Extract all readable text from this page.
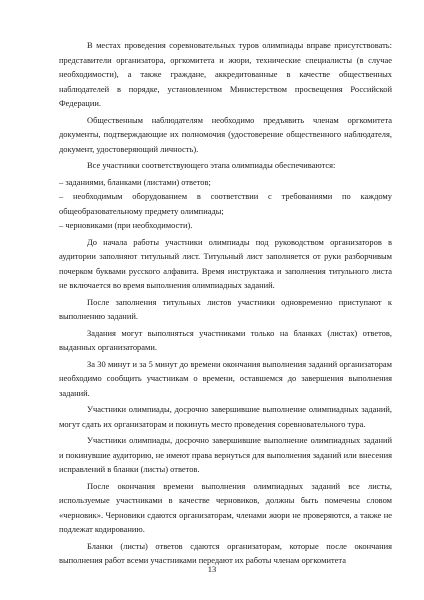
В местах проведения соревновательных туров олимпиады вправе присутствовать: представители организатора, оргкомитета и жюри, технические специалисты (в случае необходимости), а также граждане, аккредитованные в качестве общественных наблюдателей в порядке, установленном Министерством просвещения Российской Федерации.

Общественным наблюдателям необходимо предъявить членам оргкомитета документы, подтверждающие их полномочия (удостоверение общественного наблюдателя, документ, удостоверяющий личность).

Все участники соответствующего этапа олимпиады обеспечиваются:

– заданиями, бланками (листами) ответов;

– необходимым оборудованием в соответствии с требованиями по каждому общеобразовательному предмету олимпиады;

– черновиками (при необходимости).

До начала работы участники олимпиады под руководством организаторов в аудитории заполняют титульный лист. Титульный лист заполняется от руки разборчивым почерком буквами русского алфавита. Время инструктажа и заполнения титульного листа не включается во время выполнения олимпиадных заданий.

После заполнения титульных листов участники одновременно приступают к выполнению заданий.

Задания могут выполняться участниками только на бланках (листах) ответов, выданных организаторами.

За 30 минут и за 5 минут до времени окончания выполнения заданий организаторам необходимо сообщить участникам о времени, оставшемся до завершения выполнения заданий.

Участники олимпиады, досрочно завершившие выполнение олимпиадных заданий, могут сдать их организаторам и покинуть место проведения соревновательного тура.

Участники олимпиады, досрочно завершившие выполнение олимпиадных заданий и покинувшие аудиторию, не имеют права вернуться для выполнения заданий или внесения исправлений в бланки (листы) ответов.

После окончания времени выполнения олимпиадных заданий все листы, используемые участниками в качестве черновиков, должны быть помечены словом «черновик». Черновики сдаются организаторам, членами жюри не проверяются, а также не подлежат кодированию.

Бланки (листы) ответов сдаются организаторам, которые после окончания выполнения работ всеми участниками передают их работы членам оргкомитета

13
